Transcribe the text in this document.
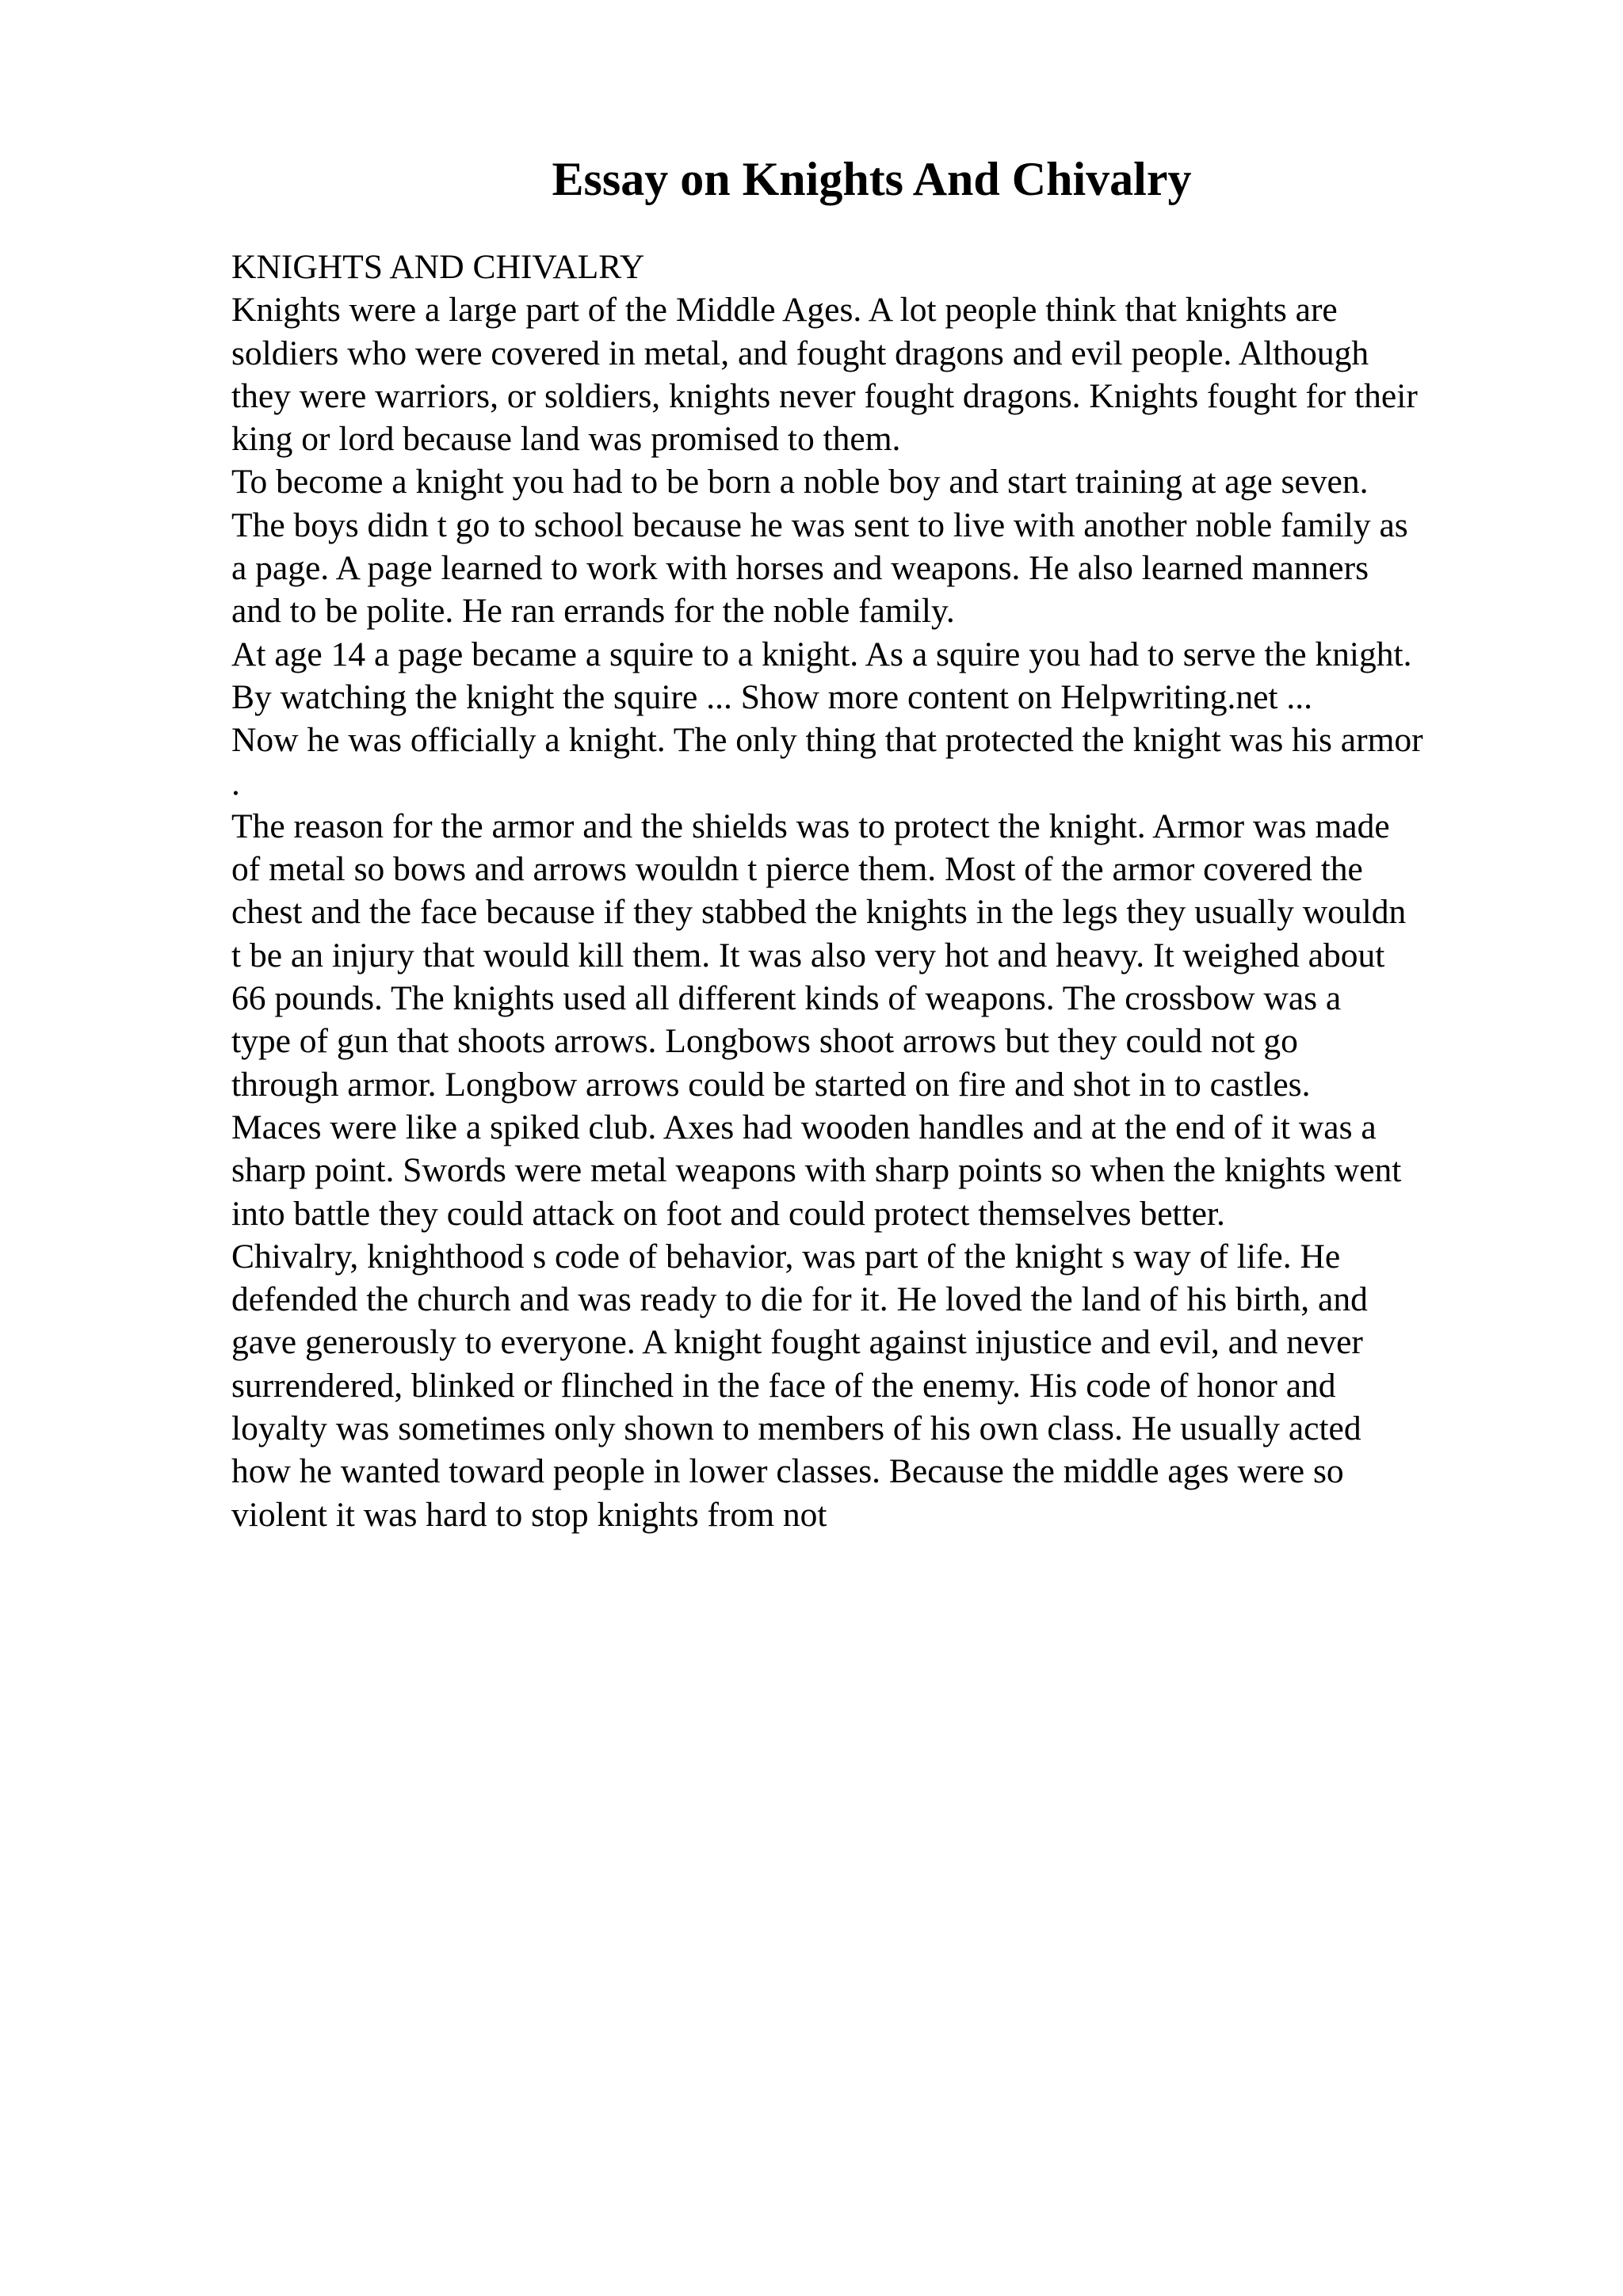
Essay on Knights And Chivalry
KNIGHTS AND CHIVALRY
Knights were a large part of the Middle Ages. A lot people think that knights are
soldiers who were covered in metal, and fought dragons and evil people. Although
they were warriors, or soldiers, knights never fought dragons. Knights fought for their
king or lord because land was promised to them.
To become a knight you had to be born a noble boy and start training at age seven.
The boys didn t go to school because he was sent to live with another noble family as
a page. A page learned to work with horses and weapons. He also learned manners
and to be polite. He ran errands for the noble family.
At age 14 a page became a squire to a knight. As a squire you had to serve the knight.
By watching the knight the squire ... Show more content on Helpwriting.net ...
Now he was officially a knight. The only thing that protected the knight was his armor
.
The reason for the armor and the shields was to protect the knight. Armor was made
of metal so bows and arrows wouldn t pierce them. Most of the armor covered the
chest and the face because if they stabbed the knights in the legs they usually wouldn
t be an injury that would kill them. It was also very hot and heavy. It weighed about
66 pounds. The knights used all different kinds of weapons. The crossbow was a
type of gun that shoots arrows. Longbows shoot arrows but they could not go
through armor. Longbow arrows could be started on fire and shot in to castles.
Maces were like a spiked club. Axes had wooden handles and at the end of it was a
sharp point. Swords were metal weapons with sharp points so when the knights went
into battle they could attack on foot and could protect themselves better.
Chivalry, knighthood s code of behavior, was part of the knight s way of life. He
defended the church and was ready to die for it. He loved the land of his birth, and
gave generously to everyone. A knight fought against injustice and evil, and never
surrendered, blinked or flinched in the face of the enemy. His code of honor and
loyalty was sometimes only shown to members of his own class. He usually acted
how he wanted toward people in lower classes. Because the middle ages were so
violent it was hard to stop knights from not
